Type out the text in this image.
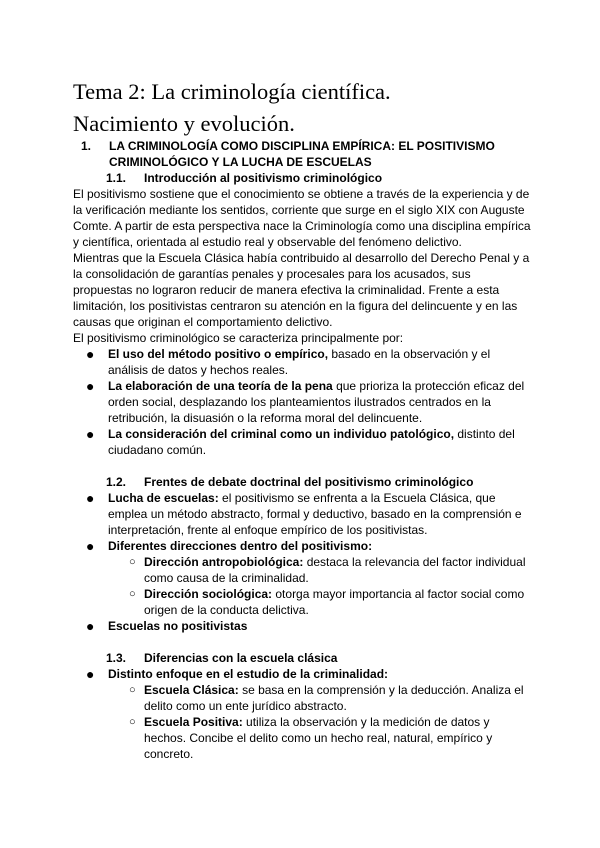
Tema 2: La criminología científica.
Nacimiento y evolución.
1. LA CRIMINOLOGÍA COMO DISCIPLINA EMPÍRICA: EL POSITIVISMO CRIMINOLÓGICO Y LA LUCHA DE ESCUELAS
1.1. Introducción al positivismo criminológico

El positivismo sostiene que el conocimiento se obtiene a través de la experiencia y de la verificación mediante los sentidos, corriente que surge en el siglo XIX con Auguste Comte. A partir de esta perspectiva nace la Criminología como una disciplina empírica y científica, orientada al estudio real y observable del fenómeno delictivo.

Mientras que la Escuela Clásica había contribuido al desarrollo del Derecho Penal y a la consolidación de garantías penales y procesales para los acusados, sus propuestas no lograron reducir de manera efectiva la criminalidad. Frente a esta limitación, los positivistas centraron su atención en la figura del delincuente y en las causas que originan el comportamiento delictivo.

El positivismo criminológico se caracteriza principalmente por:

● El uso del método positivo o empírico, basado en la observación y el análisis de datos y hechos reales.
● La elaboración de una teoría de la pena que prioriza la protección eficaz del orden social, desplazando los planteamientos ilustrados centrados en la retribución, la disuasión o la reforma moral del delincuente.
● La consideración del criminal como un individuo patológico, distinto del ciudadano común.
1.2. Frentes de debate doctrinal del positivismo criminológico
● Lucha de escuelas: el positivismo se enfrenta a la Escuela Clásica, que emplea un método abstracto, formal y deductivo, basado en la comprensión e interpretación, frente al enfoque empírico de los positivistas.
● Diferentes direcciones dentro del positivismo:
○ Dirección antropobiológica: destaca la relevancia del factor individual como causa de la criminalidad.
○ Dirección sociológica: otorga mayor importancia al factor social como origen de la conducta delictiva.
● Escuelas no positivistas
1.3. Diferencias con la escuela clásica
● Distinto enfoque en el estudio de la criminalidad:
○ Escuela Clásica: se basa en la comprensión y la deducción. Analiza el delito como un ente jurídico abstracto.
○ Escuela Positiva: utiliza la observación y la medición de datos y hechos. Concibe el delito como un hecho real, natural, empírico y concreto.
